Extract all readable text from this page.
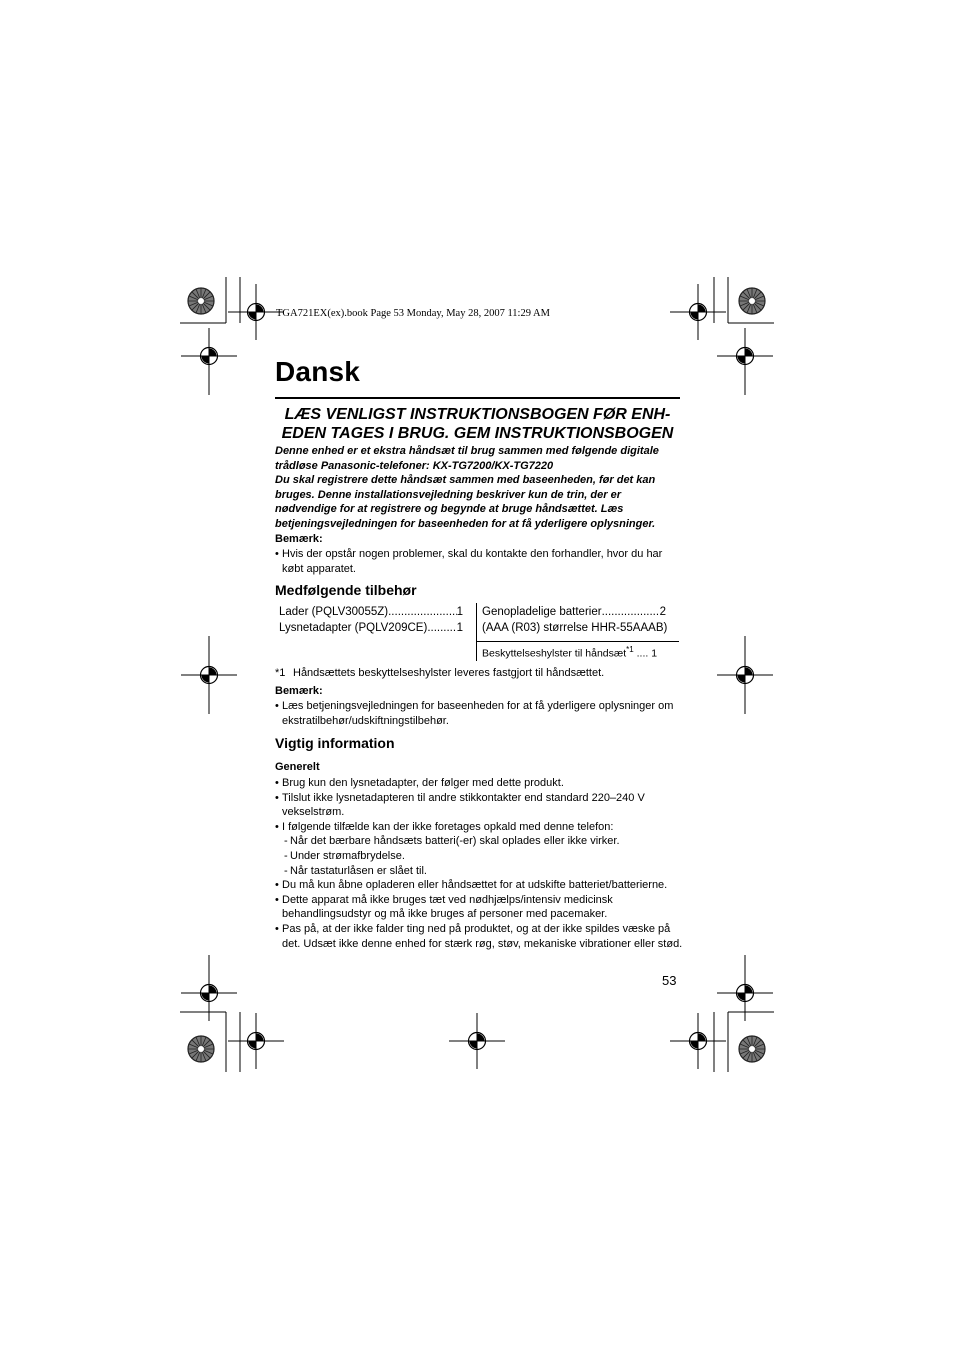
TGA721EX(ex).book Page 53 Monday, May 28, 2007 11:29 AM
Dansk
LÆS VENLIGST INSTRUKTIONSBOGEN FØR ENH-
EDEN TAGES I BRUG. GEM INSTRUKTIONSBOGEN

Denne enhed er et ekstra håndsæt til brug sammen med følgende digitale trådløse Panasonic-telefoner: KX-TG7200/KX-TG7220

Du skal registrere dette håndsæt sammen med baseenheden, før det kan bruges. Denne installationsvejledning beskriver kun de trin, der er nødvendige for at registrere og begynde at bruge håndsættet. Læs betjeningsvejledningen for baseenheden for at få yderligere oplysninger.

Bemærk:
• Hvis der opstår nogen problemer, skal du kontakte den forhandler, hvor du har købt apparatet.
Medfølgende tilbehør
Lader (PQLV30055Z) .....	1
Lysnetadapter (PQLV209CE) .....	1
Genopladelige batterier .....	2
(AAA (R03) størrelse HHR-55AAAB)
Beskyttelseshylster til håndsæt$^{*1}$ .... 1
*1 Håndsættets beskyttelseshylster leveres fastgjort til håndsættet.
Bemærk:
• Læs betjeningsvejledningen for baseenheden for at få yderligere oplysninger om ekstratilbehør/udskiftningstilbehør.
Vigtig information
Generelt
• Brug kun den lysnetadapter, der følger med dette produkt.
• Tilslut ikke lysnetadapteren til andre stikkontakter end standard 220–240 V vekselstrøm.
• I følgende tilfælde kan der ikke foretages opkald med denne telefon:
- Når det bærbare håndsæts batteri(-er) skal oplades eller ikke virker.
- Under strømafbrydelse.
- Når tastaturlåsen er slået til.
• Du må kun åbne opladeren eller håndsættet for at udskifte batteriet/batterierne.
• Dette apparat må ikke bruges tæt ved nødhjælps/intensiv medicinsk behandlingsudstyr og må ikke bruges af personer med pacemaker.
• Pas på, at der ikke falder ting ned på produktet, og at der ikke spildes væske på det. Udsæt ikke denne enhed for stærk røg, støv, mekaniske vibrationer eller stød.
53
